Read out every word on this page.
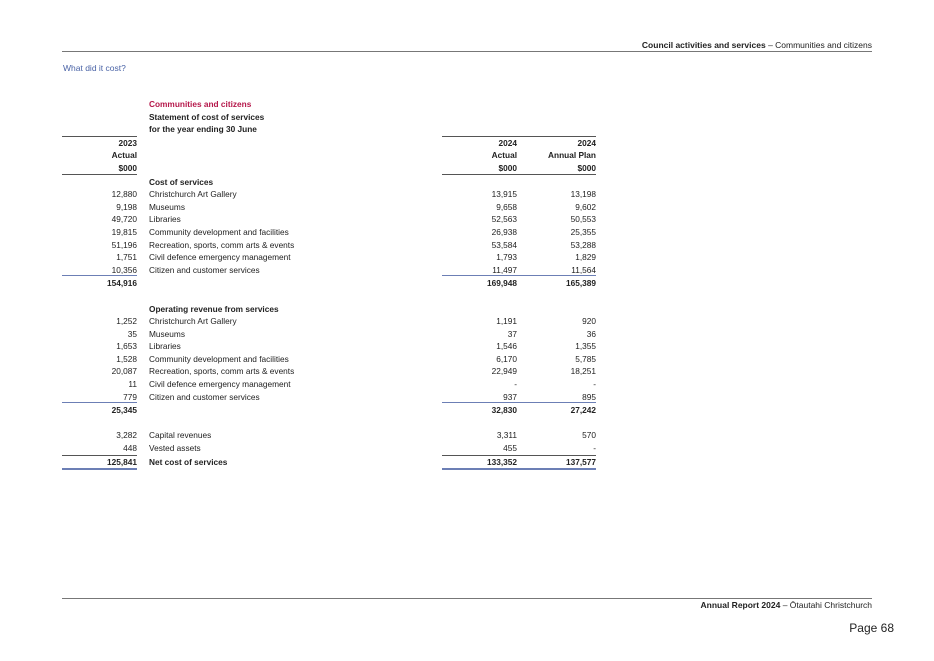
Council activities and services – Communities and citizens
What did it cost?
Communities and citizens
Statement of cost of services
for the year ending 30 June
2023	2024	2024
Actual	Actual	Annual Plan
$000	$000	$000
Cost of services
12,880 Christchurch Art Gallery	13,915	13,198
9,198 Museums	9,658	9,602
49,720 Libraries	52,563	50,553
19,815 Community development and facilities	26,938	25,355
51,196 Recreation, sports, comm arts & events	53,584	53,288
1,751 Civil defence emergency management	1,793	1,829
10,356 Citizen and customer services	11,497	11,564
154,916	169,948	165,389
Operating revenue from services
1,252 Christchurch Art Gallery	1,191	920
35 Museums	37	36
1,653 Libraries	1,546	1,355
1,528 Community development and facilities	6,170	5,785
20,087 Recreation, sports, comm arts & events	22,949	18,251
11 Civil defence emergency management	-	-
779 Citizen and customer services	937	895
25,345	32,830	27,242
3,282 Capital revenues	3,311	570
448 Vested assets	455	-
125,841 Net cost of services	133,352	137,577
Annual Report 2024 – Ōtautahi Christchurch
Page 68
